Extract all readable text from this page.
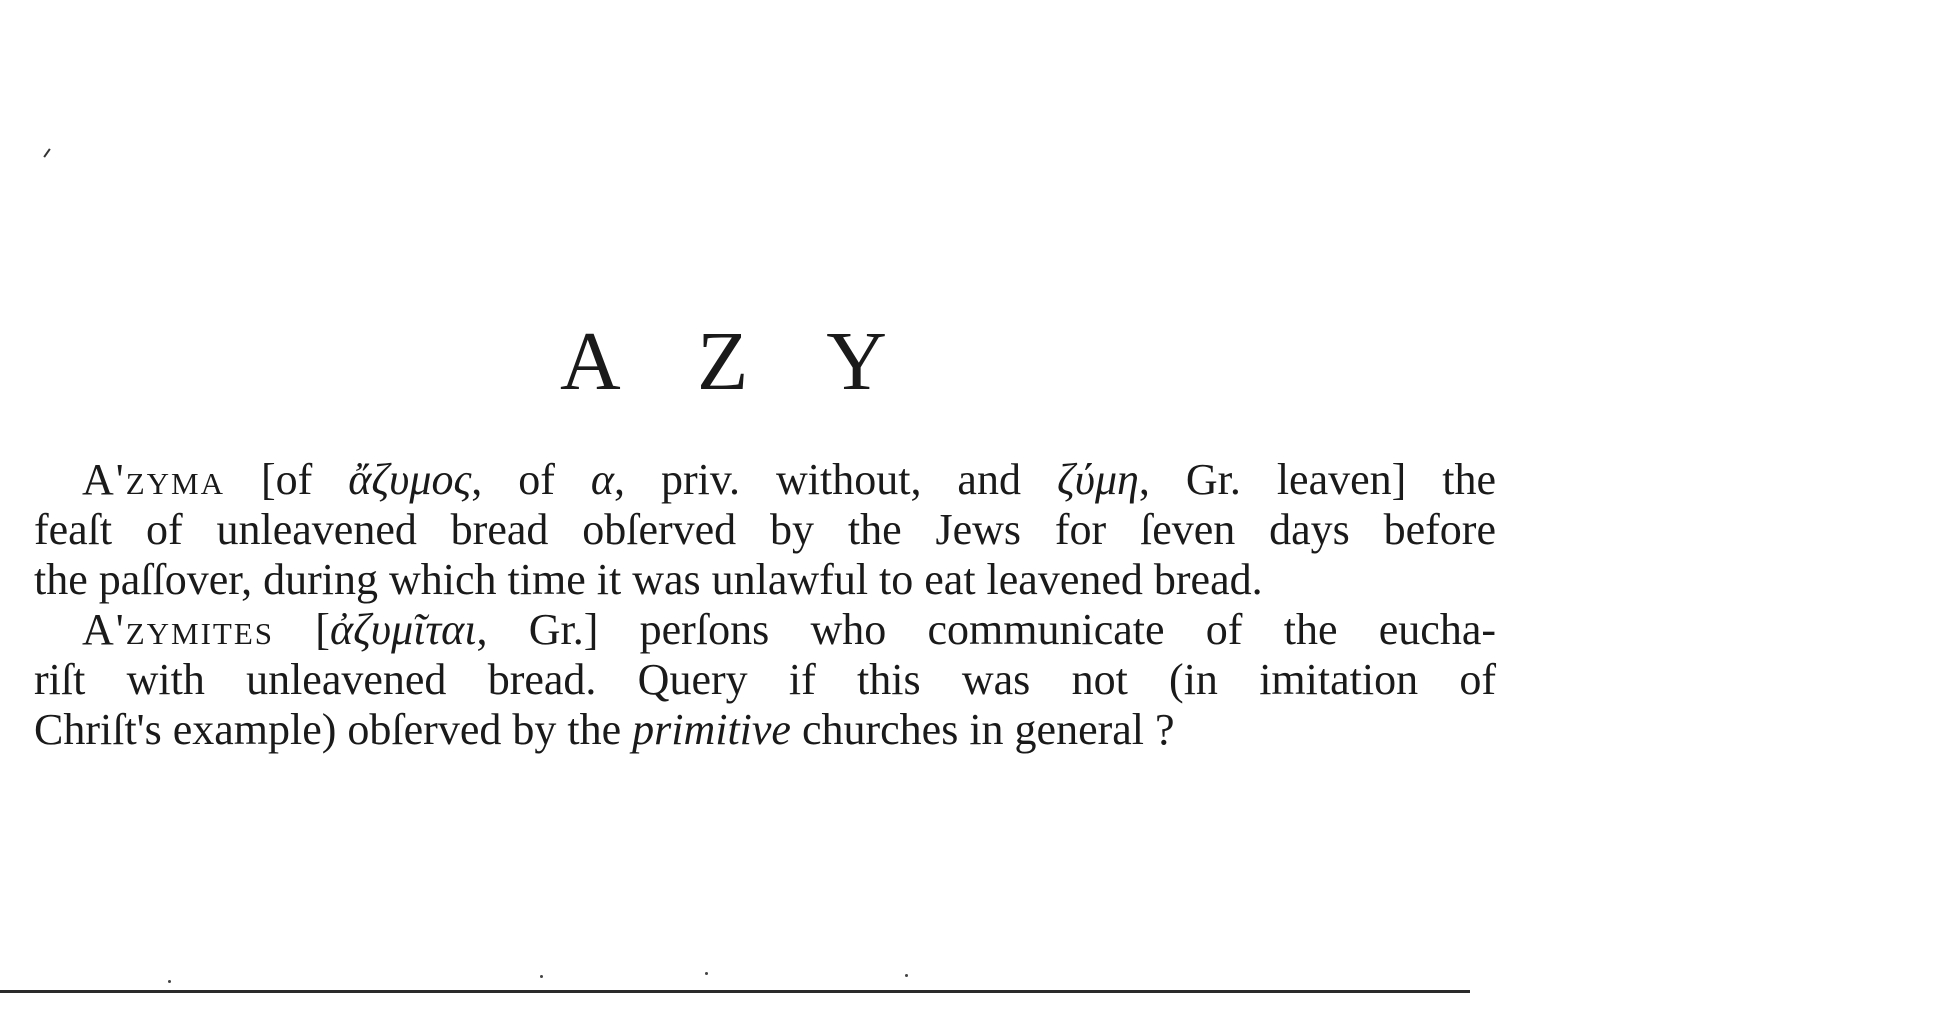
A Z Y
A'zyma [of ἄζυμος, of α, priv. without, and ζύμη, Gr. leaven] the
feaſt of unleavened bread obſerved by the Jews for ſeven days before
the paſſover, during which time it was unlawful to eat leavened bread.
A'zymites [ἀζυμῖται, Gr.] perſons who communicate of the eucha-
riſt with unleavened bread. Query if this was not (in imitation of
Chriſt's example) obſerved by the primitive churches in general ?
